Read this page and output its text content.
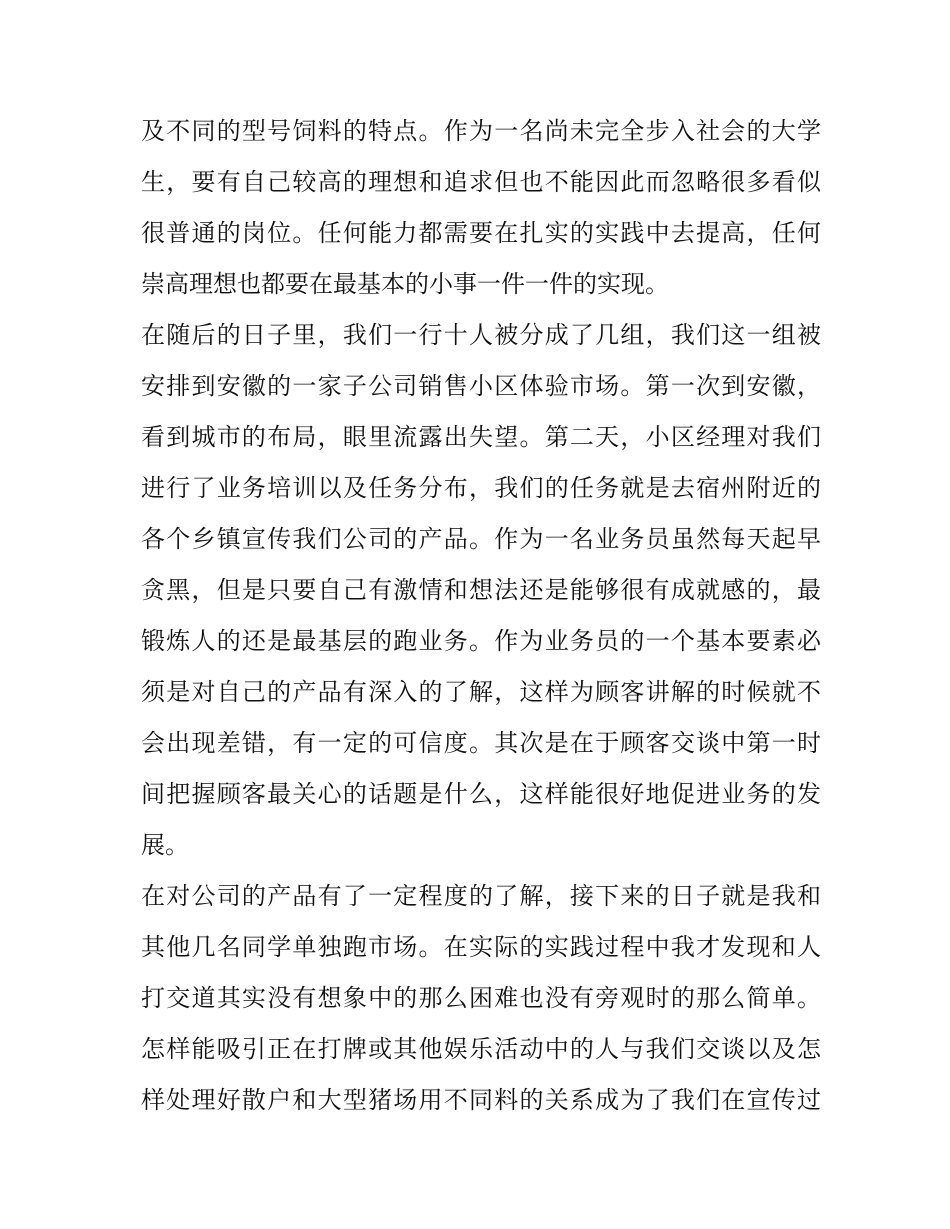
及不同的型号饲料的特点。作为一名尚未完全步入社会的大学
生，要有自己较高的理想和追求但也不能因此而忽略很多看似
很普通的岗位。任何能力都需要在扎实的实践中去提高，任何
崇高理想也都要在最基本的小事一件一件的实现。
在随后的日子里，我们一行十人被分成了几组，我们这一组被
安排到安徽的一家子公司销售小区体验市场。第一次到安徽，
看到城市的布局，眼里流露出失望。第二天，小区经理对我们
进行了业务培训以及任务分布，我们的任务就是去宿州附近的
各个乡镇宣传我们公司的产品。作为一名业务员虽然每天起早
贪黑，但是只要自己有激情和想法还是能够很有成就感的，最
锻炼人的还是最基层的跑业务。作为业务员的一个基本要素必
须是对自己的产品有深入的了解，这样为顾客讲解的时候就不
会出现差错，有一定的可信度。其次是在于顾客交谈中第一时
间把握顾客最关心的话题是什么，这样能很好地促进业务的发
展。
在对公司的产品有了一定程度的了解，接下来的日子就是我和
其他几名同学单独跑市场。在实际的实践过程中我才发现和人
打交道其实没有想象中的那么困难也没有旁观时的那么简单。
怎样能吸引正在打牌或其他娱乐活动中的人与我们交谈以及怎
样处理好散户和大型猪场用不同料的关系成为了我们在宣传过
